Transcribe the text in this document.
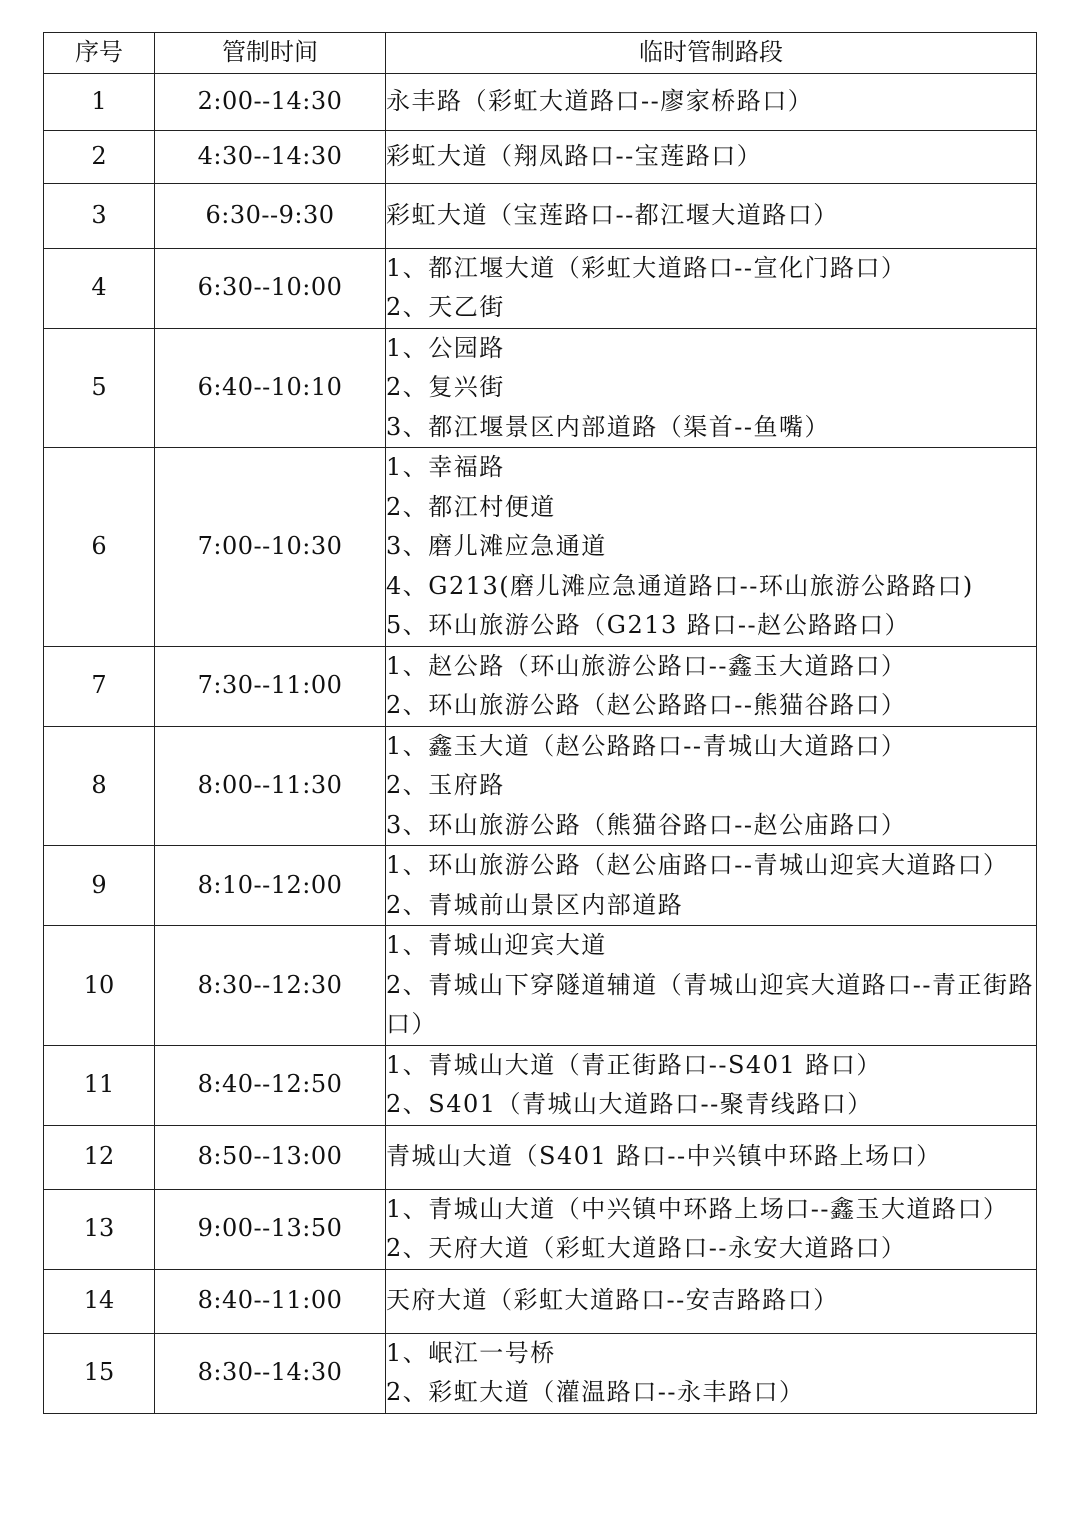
序号	管制时间	临时管制路段
1	2:00--14:30	永丰路（彩虹大道路口--廖家桥路口）

2	4:30--14:30	彩虹大道（翔凤路口--宝莲路口）

3	6:30--9:30	彩虹大道（宝莲路口--都江堰大道路口）

4	6:30--10:00	1、都江堰大道（彩虹大道路口--宣化门路口）
2、天乙街

5	6:40--10:10	1、公园路
2、复兴街
3、都江堰景区内部道路（渠首--鱼嘴）

6	7:00--10:30	1、幸福路
2、都江村便道
3、磨儿滩应急通道
4、G213(磨儿滩应急通道路口--环山旅游公路路口)
5、环山旅游公路（G213 路口--赵公路路口）

7	7:30--11:00	1、赵公路（环山旅游公路口--鑫玉大道路口）
2、环山旅游公路（赵公路路口--熊猫谷路口）

8	8:00--11:30	1、鑫玉大道（赵公路路口--青城山大道路口）
2、玉府路
3、环山旅游公路（熊猫谷路口--赵公庙路口）

9	8:10--12:00	1、环山旅游公路（赵公庙路口--青城山迎宾大道路口）
2、青城前山景区内部道路

10	8:30--12:30	1、青城山迎宾大道
2、青城山下穿隧道辅道（青城山迎宾大道路口--青正街路口）

11	8:40--12:50	1、青城山大道（青正街路口--S401 路口）
2、S401（青城山大道路口--聚青线路口）

12	8:50--13:00	青城山大道（S401 路口--中兴镇中环路上场口）

13	9:00--13:50	1、青城山大道（中兴镇中环路上场口--鑫玉大道路口）
2、天府大道（彩虹大道路口--永安大道路口）

14	8:40--11:00	天府大道（彩虹大道路口--安吉路路口）

15	8:30--14:30	1、岷江一号桥
2、彩虹大道（灌温路口--永丰路口）
